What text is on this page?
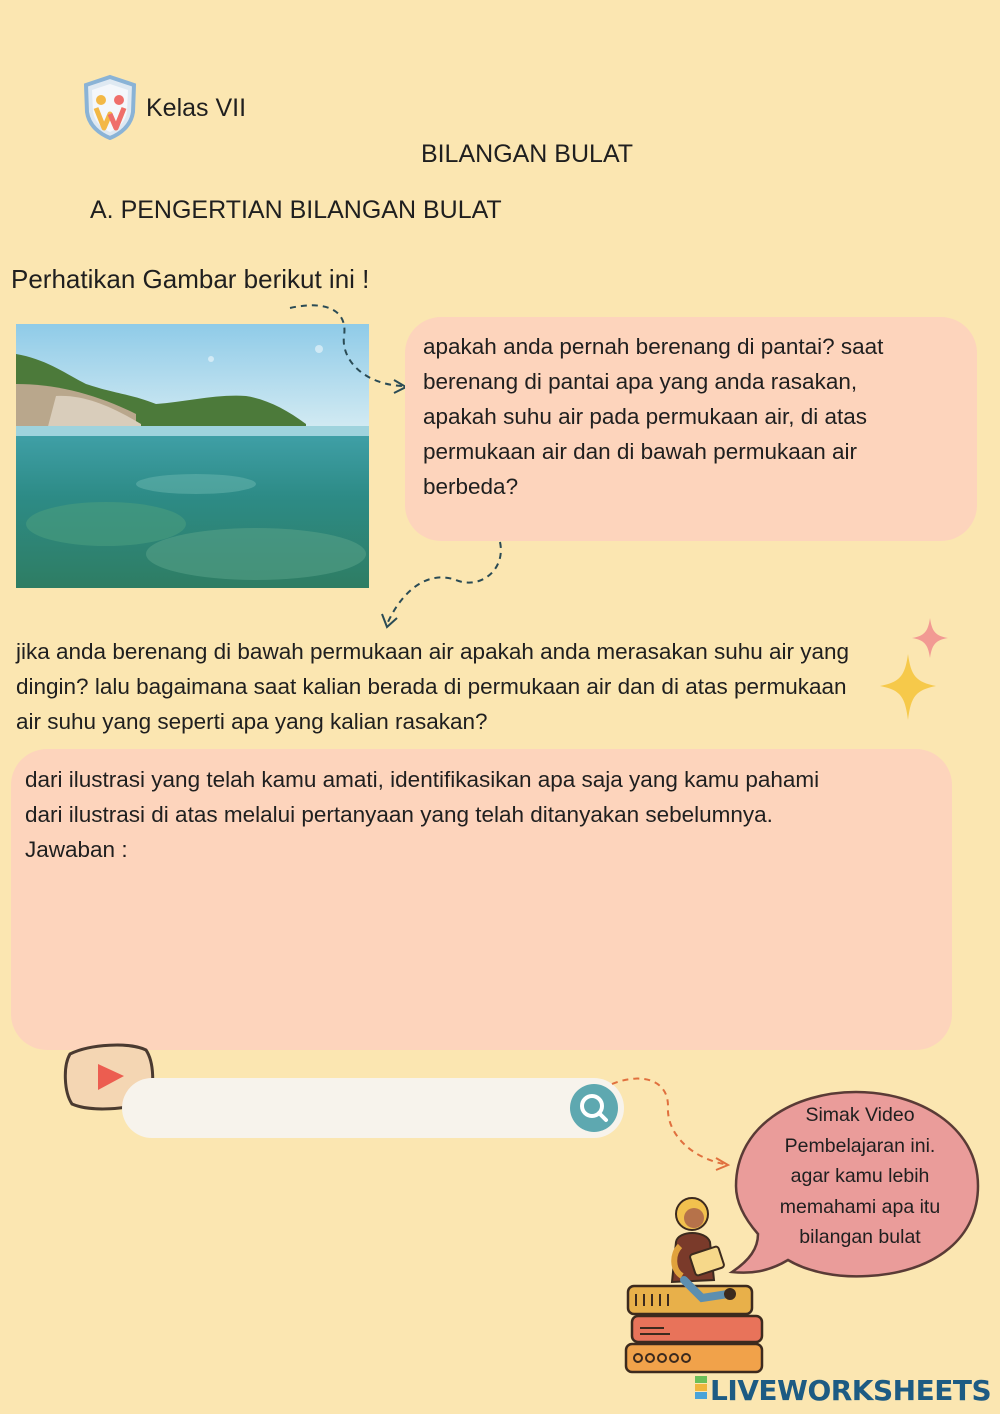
Kelas VII
BILANGAN BULAT
A. PENGERTIAN BILANGAN BULAT
Perhatikan Gambar berikut ini !
apakah anda pernah berenang di pantai? saat
berenang di pantai apa yang anda rasakan,
apakah suhu air pada permukaan air, di atas
permukaan air dan di bawah permukaan air
berbeda?
jika anda berenang di bawah permukaan air apakah anda merasakan suhu air yang
dingin? lalu bagaimana saat kalian berada di permukaan air dan di atas permukaan
air suhu yang seperti apa yang kalian rasakan?
dari ilustrasi yang telah kamu amati, identifikasikan apa saja yang kamu pahami
dari ilustrasi di atas melalui pertanyaan yang telah ditanyakan sebelumnya.
Jawaban :
Simak Video
Pembelajaran ini.
agar kamu lebih
memahami apa itu
bilangan bulat
LIVEWORKSHEETS
